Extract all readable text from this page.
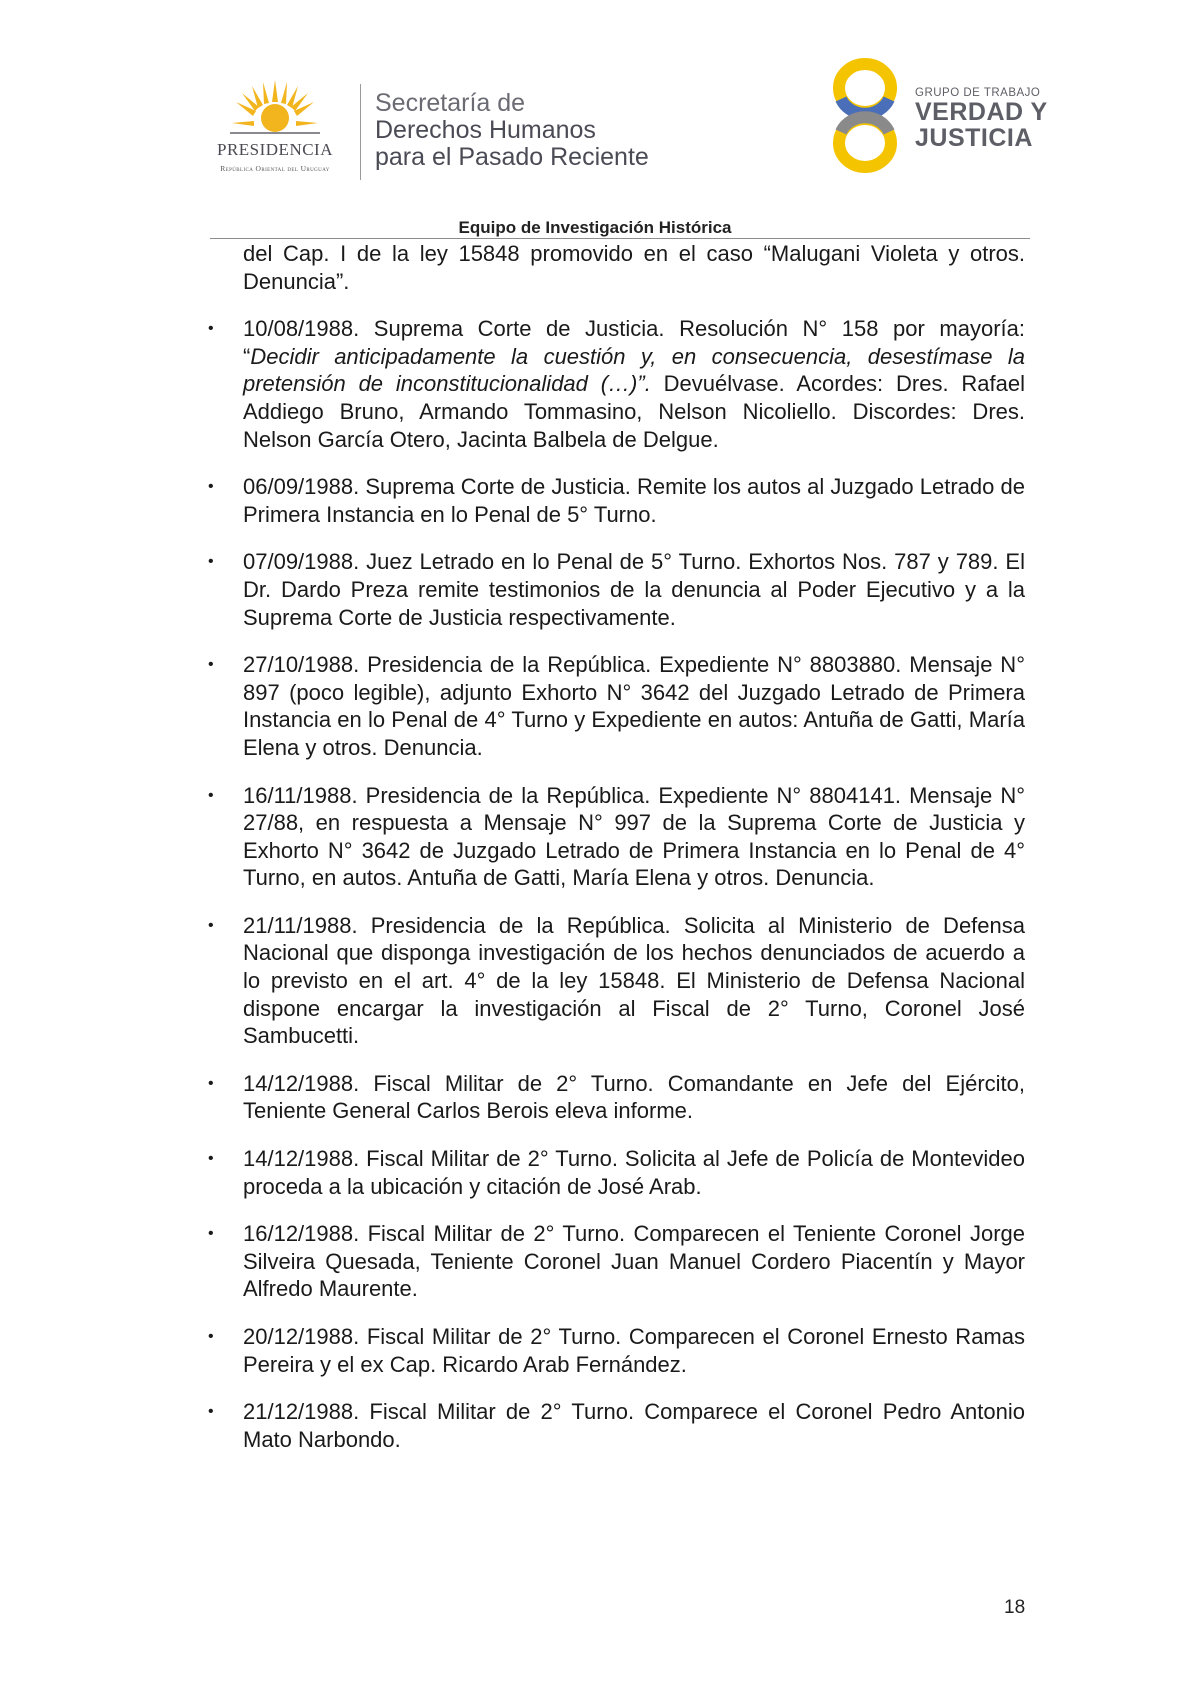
PRESIDENCIA
República Oriental del Uruguay
Secretaría de
Derechos Humanos
para el Pasado Reciente
GRUPO DE TRABAJO
VERDAD Y
JUSTICIA
Equipo de Investigación Histórica

del Cap. I de la ley 15848 promovido en el caso “Malugani Violeta y otros. Denuncia”.

• 10/08/1988. Suprema Corte de Justicia. Resolución N° 158 por mayoría: “Decidir anticipadamente la cuestión y, en consecuencia, desestímase la pretensión de inconstitucionalidad (…)”. Devuélvase. Acordes: Dres. Rafael Addiego Bruno, Armando Tommasino, Nelson Nicoliello. Discordes: Dres. Nelson García Otero, Jacinta Balbela de Delgue.
• 06/09/1988. Suprema Corte de Justicia. Remite los autos al Juzgado Letrado de Primera Instancia en lo Penal de 5° Turno.
• 07/09/1988. Juez Letrado en lo Penal de 5° Turno. Exhortos Nos. 787 y 789. El Dr. Dardo Preza remite testimonios de la denuncia al Poder Ejecutivo y a la Suprema Corte de Justicia respectivamente.
• 27/10/1988. Presidencia de la República. Expediente N° 8803880. Mensaje N° 897 (poco legible), adjunto Exhorto N° 3642 del Juzgado Letrado de Primera Instancia en lo Penal de 4° Turno y Expediente en autos: Antuña de Gatti, María Elena y otros. Denuncia.
• 16/11/1988. Presidencia de la República. Expediente N° 8804141. Mensaje N° 27/88, en respuesta a Mensaje N° 997 de la Suprema Corte de Justicia y Exhorto N° 3642 de Juzgado Letrado de Primera Instancia en lo Penal de 4° Turno, en autos. Antuña de Gatti, María Elena y otros. Denuncia.
• 21/11/1988. Presidencia de la República. Solicita al Ministerio de Defensa Nacional que disponga investigación de los hechos denunciados de acuerdo a lo previsto en el art. 4° de la ley 15848. El Ministerio de Defensa Nacional dispone encargar la investigación al Fiscal de 2° Turno, Coronel José Sambucetti.
• 14/12/1988. Fiscal Militar de 2° Turno. Comandante en Jefe del Ejército, Teniente General Carlos Berois eleva informe.
• 14/12/1988. Fiscal Militar de 2° Turno. Solicita al Jefe de Policía de Montevideo proceda a la ubicación y citación de José Arab.
• 16/12/1988. Fiscal Militar de 2° Turno. Comparecen el Teniente Coronel Jorge Silveira Quesada, Teniente Coronel Juan Manuel Cordero Piacentín y Mayor Alfredo Maurente.
• 20/12/1988. Fiscal Militar de 2° Turno. Comparecen el Coronel Ernesto Ramas Pereira y el ex Cap. Ricardo Arab Fernández.
• 21/12/1988. Fiscal Militar de 2° Turno. Comparece el Coronel Pedro Antonio Mato Narbondo.
18
